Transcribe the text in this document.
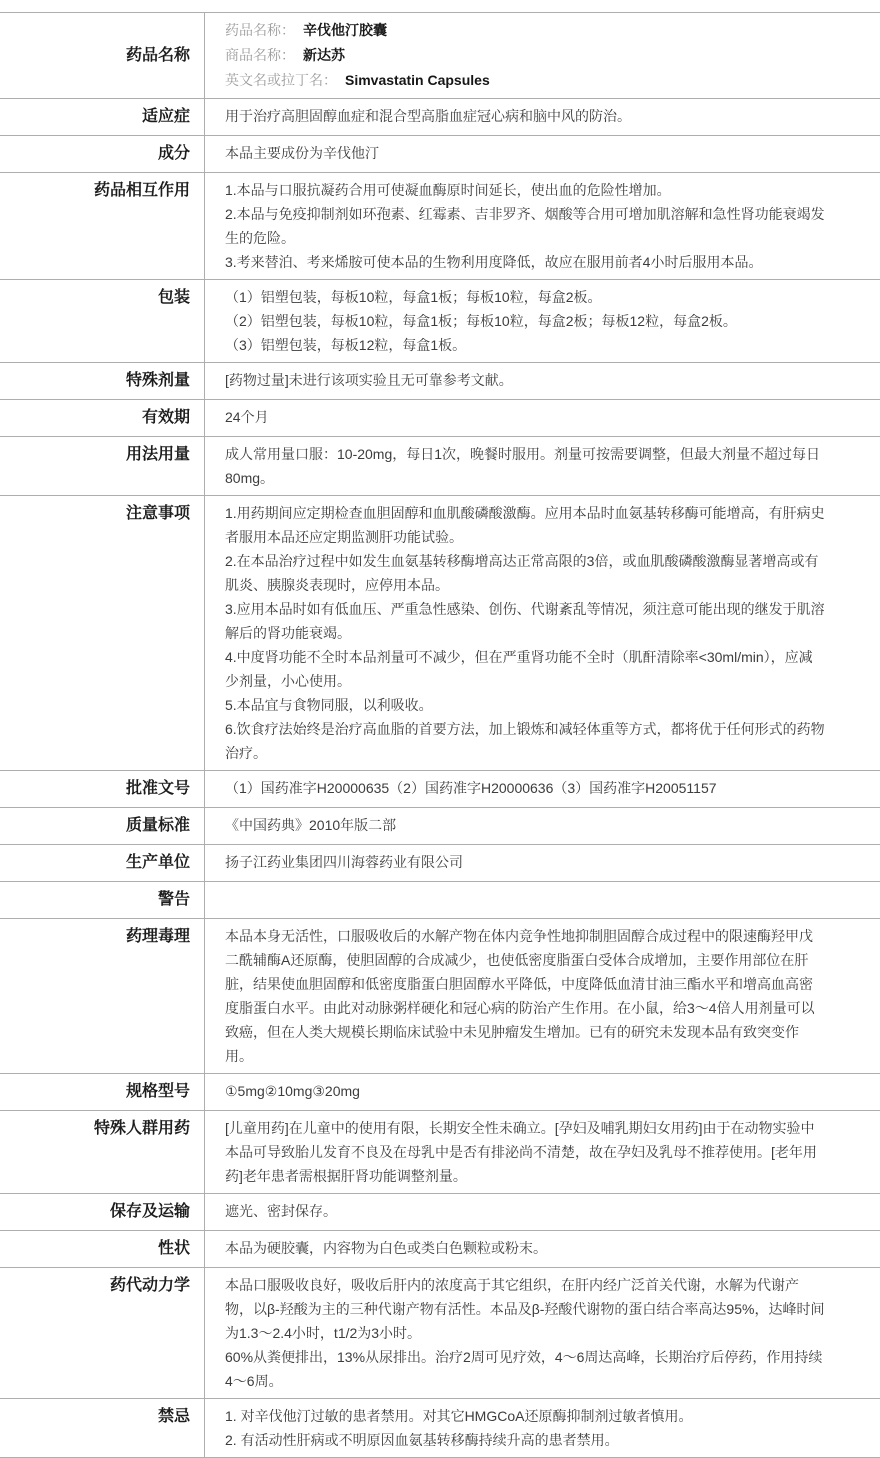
药品名称
药品名称： 辛伐他汀胶囊
商品名称： 新达苏
英文名或拉丁名： Simvastatin Capsules
适应症	用于治疗高胆固醇血症和混合型高脂血症冠心病和脑中风的防治。

成分	本品主要成份为辛伐他汀

药品相互作用	1.本品与口服抗凝药合用可使凝血酶原时间延长，使出血的危险性增加。

2.本品与免疫抑制剂如环孢素、红霉素、吉非罗齐、烟酸等合用可增加肌溶解和急性肾功能衰竭发生的危险。

3.考来替泊、考来烯胺可使本品的生物利用度降低，故应在服用前者4小时后服用本品。

包装	（1）铝塑包装，每板10粒，每盒1板；每板10粒，每盒2板。

（2）铝塑包装，每板10粒，每盒1板；每板10粒，每盒2板；每板12粒，每盒2板。

（3）铝塑包装，每板12粒，每盒1板。

特殊剂量	[药物过量]未进行该项实验且无可靠参考文献。

有效期	24个月

用法用量	成人常用量口服：10-20mg，每日1次，晚餐时服用。剂量可按需要调整，但最大剂量不超过每日80mg。

注意事项	1.用药期间应定期检查血胆固醇和血肌酸磷酸激酶。应用本品时血氨基转移酶可能增高，有肝病史者服用本品还应定期监测肝功能试验。

2.在本品治疗过程中如发生血氨基转移酶增高达正常高限的3倍，或血肌酸磷酸激酶显著增高或有肌炎、胰腺炎表现时，应停用本品。

3.应用本品时如有低血压、严重急性感染、创伤、代谢紊乱等情况，须注意可能出现的继发于肌溶解后的肾功能衰竭。

4.中度肾功能不全时本品剂量可不减少，但在严重肾功能不全时（肌酐清除率<30ml/min），应减少剂量，小心使用。

5.本品宜与食物同服，以利吸收。

6.饮食疗法始终是治疗高血脂的首要方法，加上锻炼和减轻体重等方式，都将优于任何形式的药物治疗。

批准文号	（1）国药准字H20000635（2）国药准字H20000636（3）国药准字H20051157

质量标准	《中国药典》2010年版二部

生产单位	扬子江药业集团四川海蓉药业有限公司

警告
药理毒理	本品本身无活性，口服吸收后的水解产物在体内竞争性地抑制胆固醇合成过程中的限速酶羟甲戊二酰辅酶A还原酶，使胆固醇的合成减少，也使低密度脂蛋白受体合成增加，主要作用部位在肝脏，结果使血胆固醇和低密度脂蛋白胆固醇水平降低，中度降低血清甘油三酯水平和增高血高密度脂蛋白水平。由此对动脉粥样硬化和冠心病的防治产生作用。在小鼠，给3～4倍人用剂量可以致癌，但在人类大规模长期临床试验中未见肿瘤发生增加。已有的研究未发现本品有致突变作用。

规格型号	①5mg②10mg③20mg

特殊人群用药	[儿童用药]在儿童中的使用有限，长期安全性未确立。[孕妇及哺乳期妇女用药]由于在动物实验中本品可导致胎儿发育不良及在母乳中是否有排泌尚不清楚，故在孕妇及乳母不推荐使用。[老年用药]老年患者需根据肝肾功能调整剂量。

保存及运输	遮光、密封保存。

性状	本品为硬胶囊，内容物为白色或类白色颗粒或粉末。

药代动力学	本品口服吸收良好，吸收后肝内的浓度高于其它组织，在肝内经广泛首关代谢，水解为代谢产物，以β-羟酸为主的三种代谢产物有活性。本品及β-羟酸代谢物的蛋白结合率高达95%，达峰时间为1.3～2.4小时，t1/2为3小时。

60%从粪便排出，13%从尿排出。治疗2周可见疗效，4～6周达高峰，长期治疗后停药，作用持续4～6周。

禁忌	1. 对辛伐他汀过敏的患者禁用。对其它HMGCoA还原酶抑制剂过敏者慎用。

2. 有活动性肝病或不明原因血氨基转移酶持续升高的患者禁用。
